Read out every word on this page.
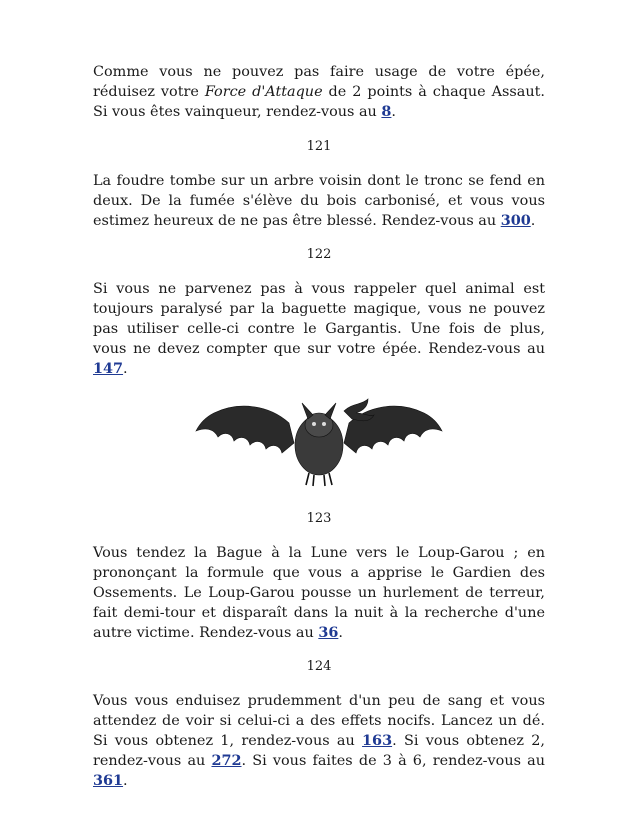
Comme vous ne pouvez pas faire usage de votre épée, réduisez votre Force d'Attaque de 2 points à chaque Assaut. Si vous êtes vainqueur, rendez-vous au 8.

121

La foudre tombe sur un arbre voisin dont le tronc se fend en deux. De la fumée s'élève du bois carbonisé, et vous vous estimez heureux de ne pas être blessé. Rendez-vous au 300.

122

Si vous ne parvenez pas à vous rappeler quel animal est toujours paralysé par la baguette magique, vous ne pouvez pas utiliser celle-ci contre le Gargantis. Une fois de plus, vous ne devez compter que sur votre épée. Rendez-vous au 147.

123

Vous tendez la Bague à la Lune vers le Loup-Garou ; en prononçant la formule que vous a apprise le Gardien des Ossements. Le Loup-Garou pousse un hurlement de terreur, fait demi-tour et disparaît dans la nuit à la recherche d'une autre victime. Rendez-vous au 36.

124

Vous vous enduisez prudemment d'un peu de sang et vous attendez de voir si celui-ci a des effets nocifs. Lancez un dé. Si vous obtenez 1, rendez-vous au 163. Si vous obtenez 2, rendez-vous au 272. Si vous faites de 3 à 6, rendez-vous au 361.
